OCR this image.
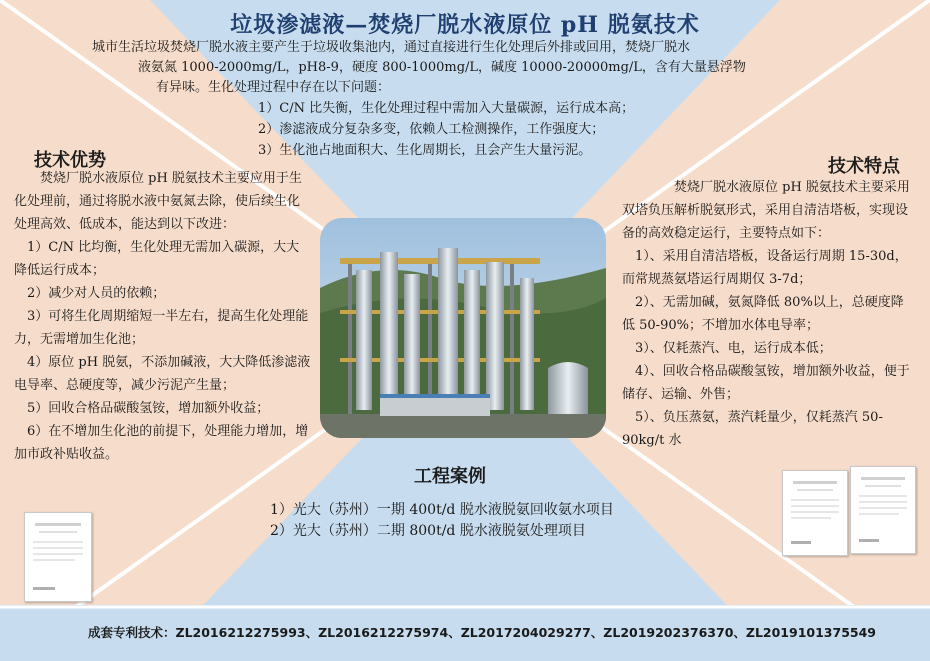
垃圾渗滤液—焚烧厂脱水液原位 pH 脱氨技术
城市生活垃圾焚烧厂脱水液主要产生于垃圾收集池内，通过直接进行生化处理后外排或回用，焚烧厂脱水
液氨氮 1000-2000mg/L，pH8-9，硬度 800-1000mg/L，碱度 10000-20000mg/L，含有大量悬浮物
有异味。生化处理过程中存在以下问题：
1）C/N 比失衡，生化处理过程中需加入大量碳源，运行成本高；
2）渗滤液成分复杂多变，依赖人工检测操作，工作强度大；
3）生化池占地面积大、生化周期长，且会产生大量污泥。
技术优势

焚烧厂脱水液原位 pH 脱氨技术主要应用于生化处理前，通过将脱水液中氨氮去除，使后续生化处理高效、低成本，能达到以下改进：

1）C/N 比均衡，生化处理无需加入碳源，大大降低运行成本；

2）减少对人员的依赖；

3）可将生化周期缩短一半左右，提高生化处理能力，无需增加生化池；

4）原位 pH 脱氨，不添加碱液，大大降低渗滤液电导率、总硬度等，减少污泥产生量；

5）回收合格品碳酸氢铵，增加额外收益；

6）在不增加生化池的前提下，处理能力增加，增加市政补贴收益。

技术特点

焚烧厂脱水液原位 pH 脱氨技术主要采用双塔负压解析脱氨形式，采用自清洁塔板，实现设备的高效稳定运行，主要特点如下：

1）、采用自清洁塔板，设备运行周期 15-30d，而常规蒸氨塔运行周期仅 3-7d；

2）、无需加碱，氨氮降低 80%以上，总硬度降低 50-90%；不增加水体电导率；

3）、仅耗蒸汽、电，运行成本低；

4）、回收合格品碳酸氢铵，增加额外收益，便于储存、运输、外售；

5）、负压蒸氨，蒸汽耗量少，仅耗蒸汽 50-90kg/t 水

工程案例
1）光大（苏州）一期 400t/d 脱水液脱氨回收氨水项目
2）光大（苏州）二期 800t/d 脱水液脱氨处理项目
成套专利技术：ZL2016212275993、ZL2016212275974、ZL2017204029277、ZL2019202376370、ZL2019101375549
